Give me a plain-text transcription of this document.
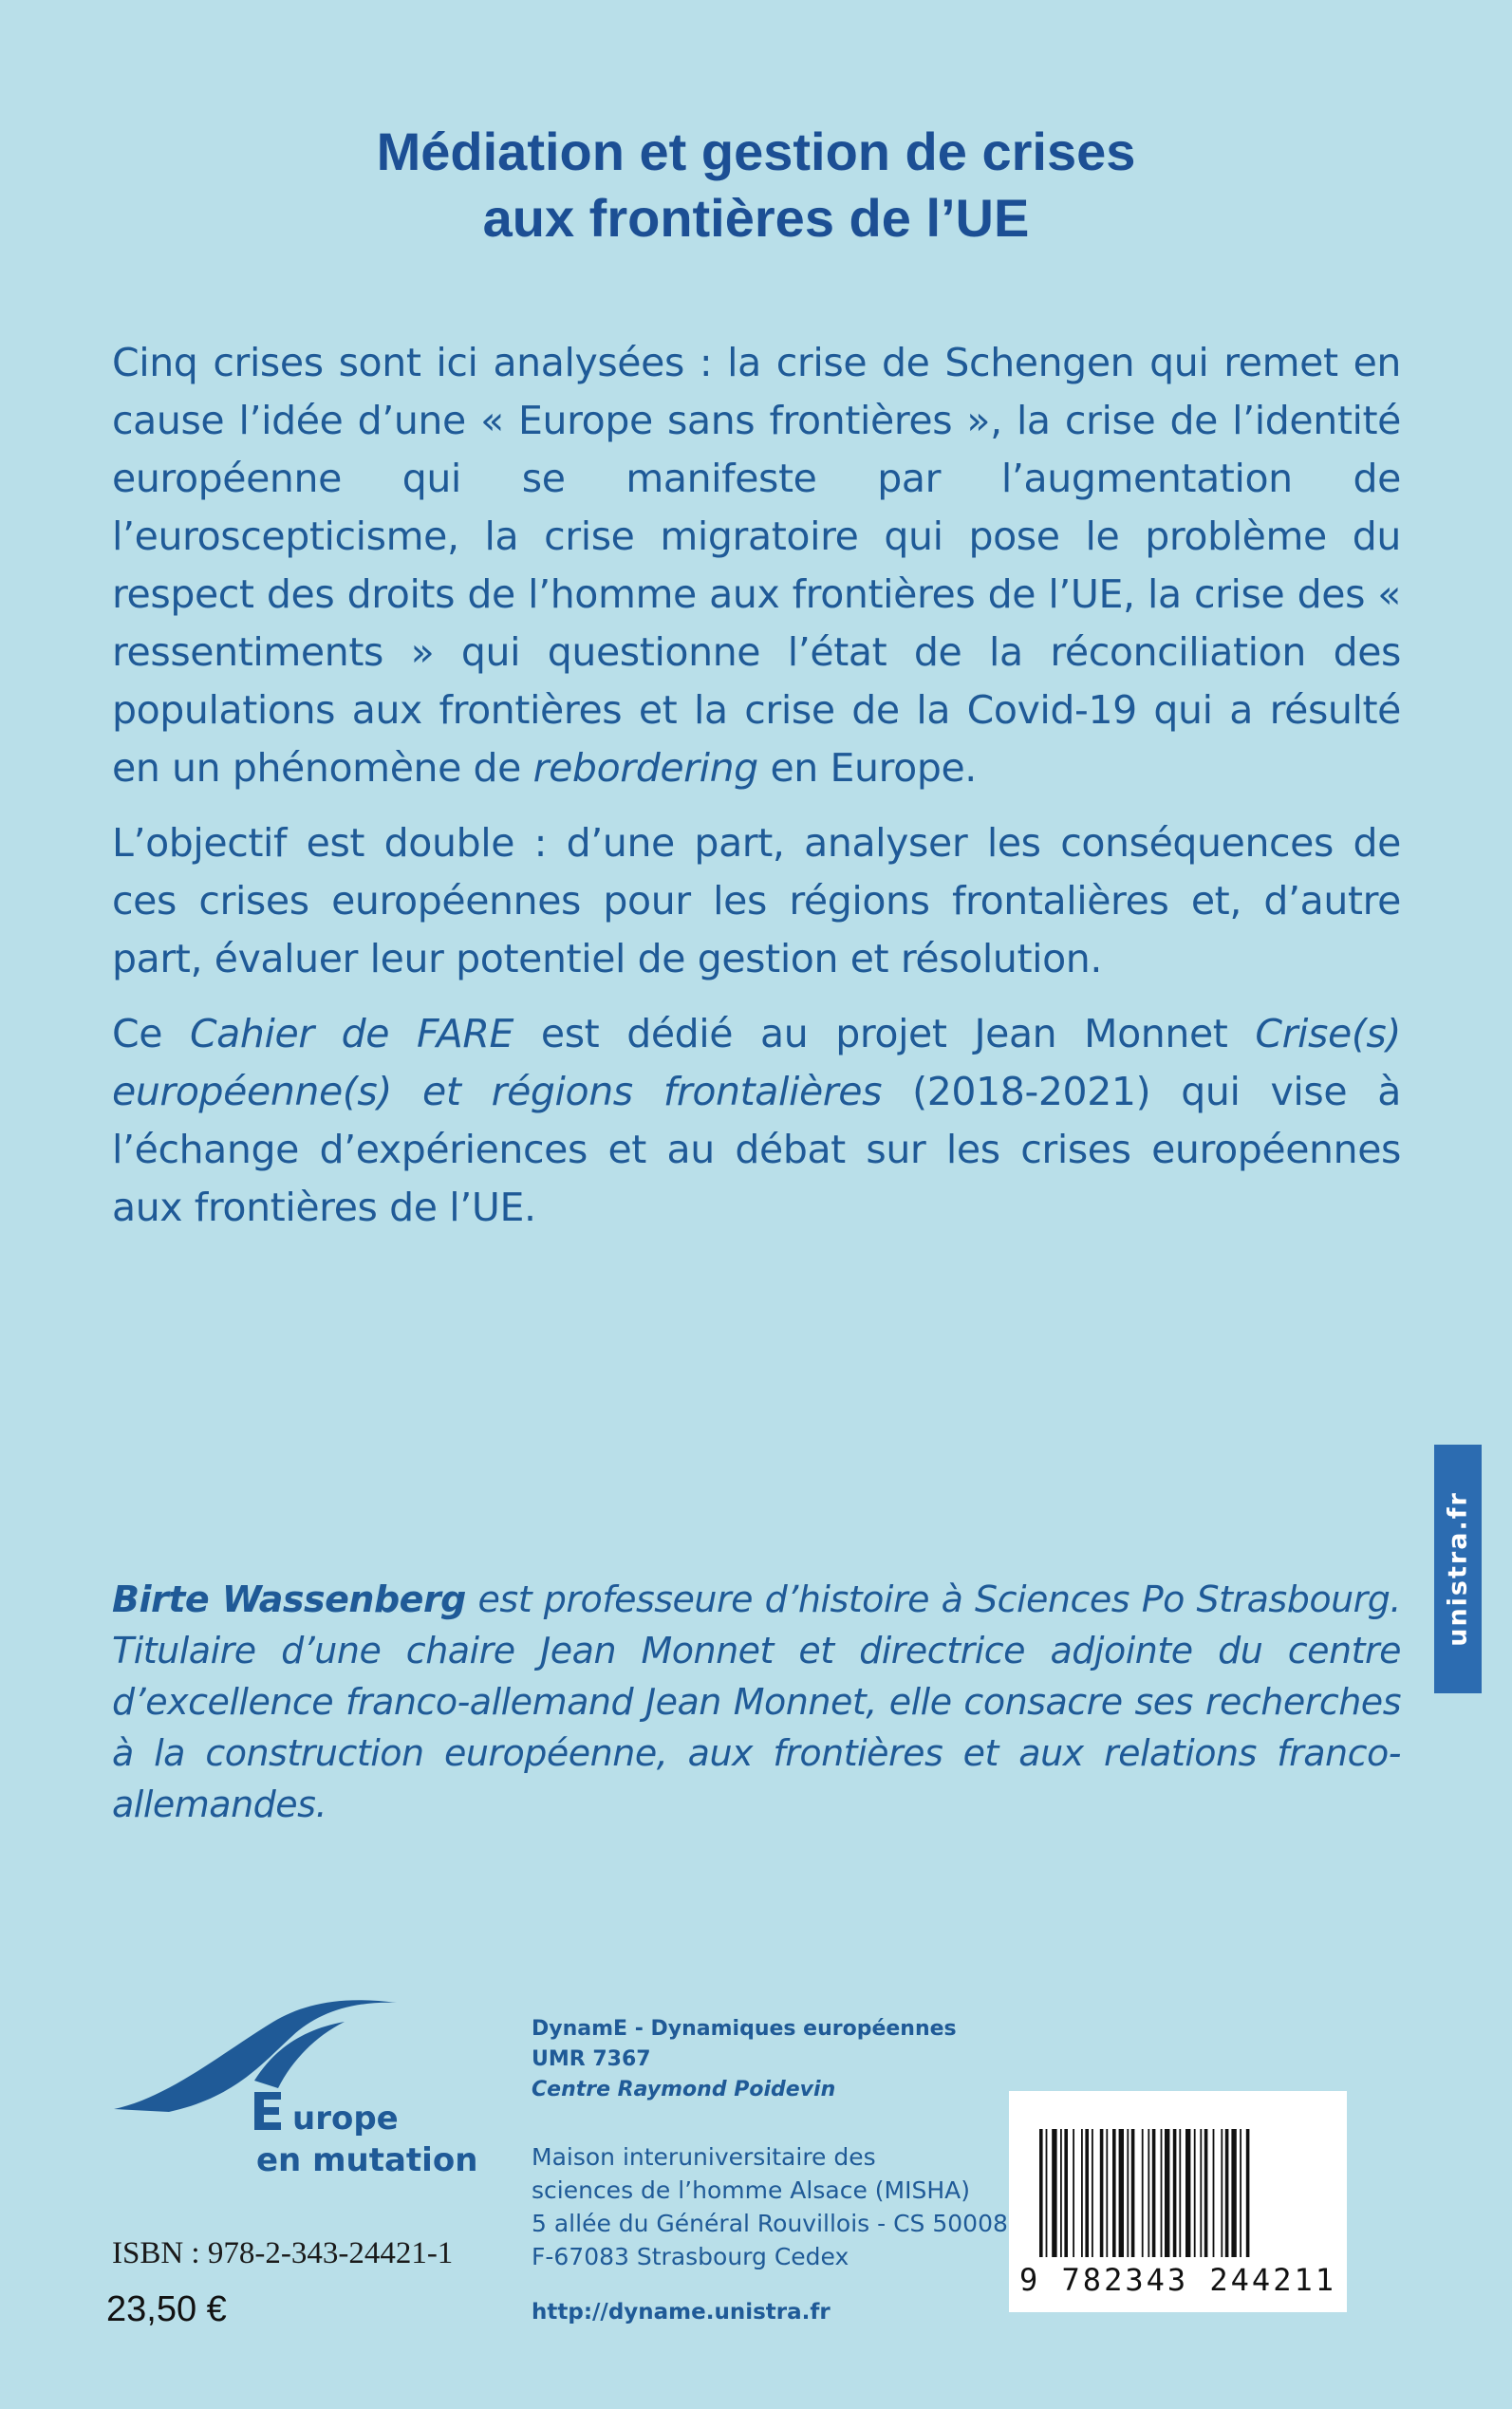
Médiation et gestion de crises
aux frontières de l’UE

Cinq crises sont ici analysées : la crise de Schengen qui remet en cause l’idée d’une « Europe sans frontières », la crise de l’identité européenne qui se manifeste par l’augmentation de l’euroscepticisme, la crise migratoire qui pose le problème du respect des droits de l’homme aux frontières de l’UE, la crise des « ressentiments » qui questionne l’état de la réconciliation des populations aux frontières et la crise de la Covid-19 qui a résulté en un phénomène de rebordering en Europe.

L’objectif est double : d’une part, analyser les conséquences de ces crises européennes pour les régions frontalières et, d’autre part, évaluer leur potentiel de gestion et résolution.

Ce Cahier de FARE est dédié au projet Jean Monnet Crise(s) européenne(s) et régions frontalières (2018-2021) qui vise à l’échange d’expériences et au débat sur les crises européennes aux frontières de l’UE.

Birte Wassenberg est professeure d’histoire à Sciences Po Strasbourg. Titulaire d’une chaire Jean Monnet et directrice adjointe du centre d’excellence franco-allemand Jean Monnet, elle consacre ses recherches à la construction européenne, aux frontières et aux relations franco-allemandes.
unistra.fr
urope
en mutation
ISBN : 978-2-343-24421-1
23,50 €
DynamE - Dynamiques européennes
UMR 7367
Centre Raymond Poidevin
Maison interuniversitaire des
sciences de l’homme Alsace (MISHA)
5 allée du Général Rouvillois - CS 50008
F-67083 Strasbourg Cedex
http://dyname.unistra.fr
9 782343 244211
